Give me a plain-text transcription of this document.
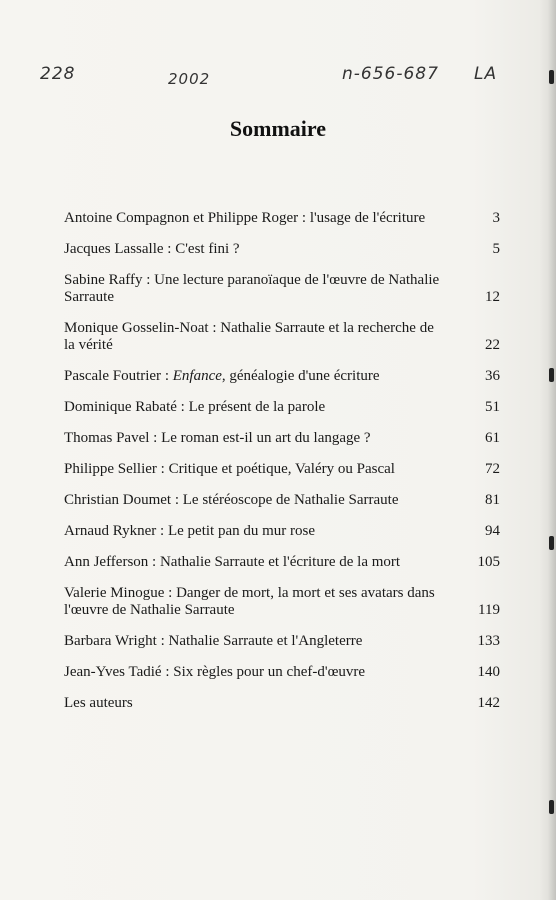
228	2002	n-656-687 LA
Sommaire
Antoine Compagnon et Philippe Roger : l'usage de l'écriture	3
Jacques Lassalle : C'est fini ?	5
Sabine Raffy : Une lecture paranoïaque de l'œuvre de Nathalie Sarraute	12
Monique Gosselin-Noat : Nathalie Sarraute et la recherche de la vérité	22
Pascale Foutrier : Enfance, généalogie d'une écriture	36
Dominique Rabaté : Le présent de la parole	51
Thomas Pavel : Le roman est-il un art du langage ?	61
Philippe Sellier : Critique et poétique, Valéry ou Pascal	72
Christian Doumet : Le stéréoscope de Nathalie Sarraute	81
Arnaud Rykner : Le petit pan du mur rose	94
Ann Jefferson : Nathalie Sarraute et l'écriture de la mort	105
Valerie Minogue : Danger de mort, la mort et ses avatars dans l'œuvre de Nathalie Sarraute	119
Barbara Wright : Nathalie Sarraute et l'Angleterre	133
Jean-Yves Tadié : Six règles pour un chef-d'œuvre	140
Les auteurs	142
